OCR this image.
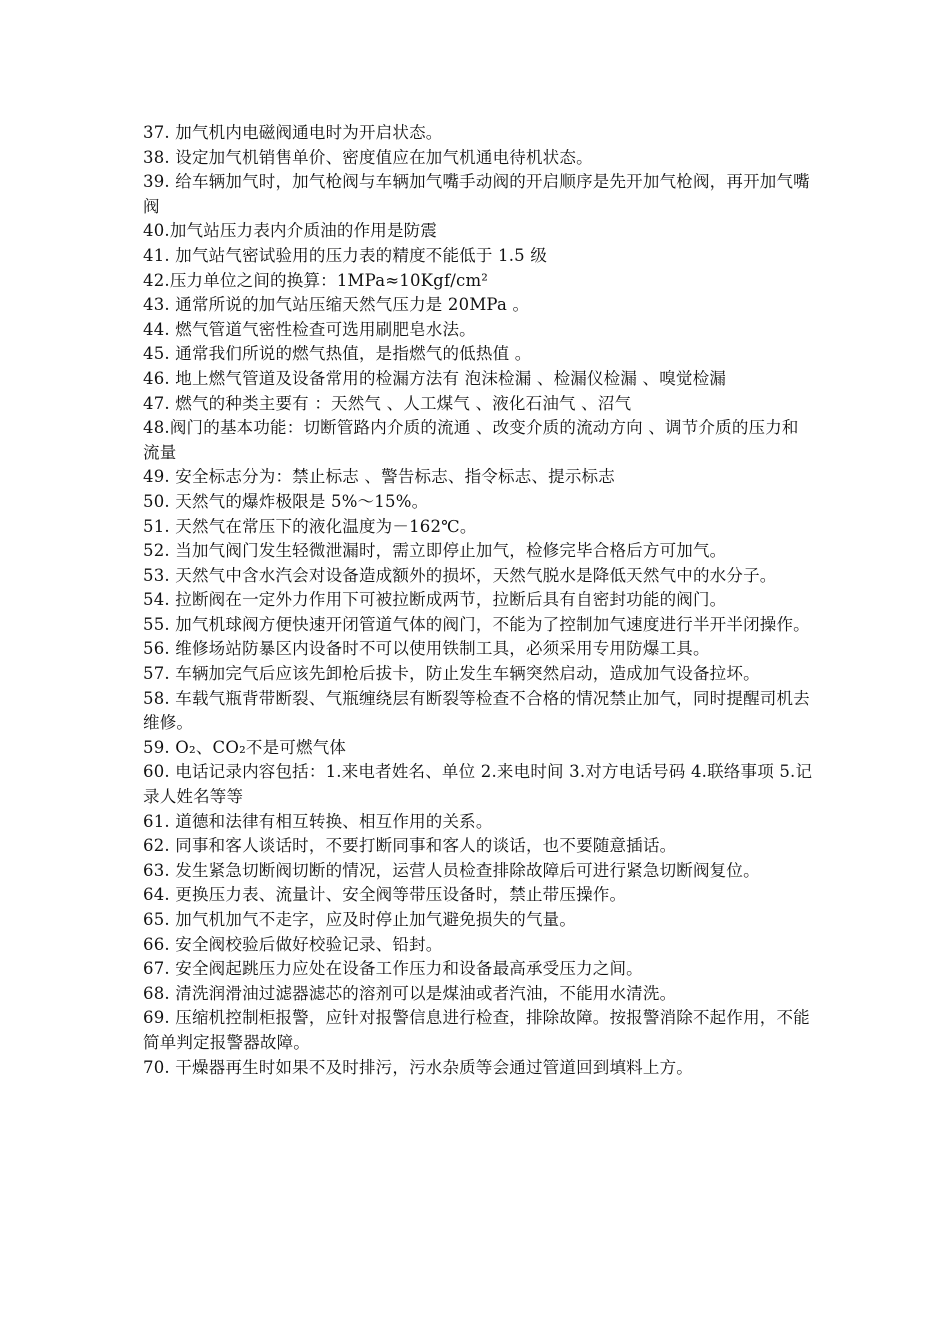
37. 加气机内电磁阀通电时为开启状态。

38. 设定加气机销售单价、密度值应在加气机通电待机状态。

39. 给车辆加气时，加气枪阀与车辆加气嘴手动阀的开启顺序是先开加气枪阀，再开加气嘴阀

40.加气站压力表内介质油的作用是防震

41. 加气站气密试验用的压力表的精度不能低于 1.5 级

42.压力单位之间的换算：1MPa≈10Kgf/cm²

43. 通常所说的加气站压缩天然气压力是 20MPa 。

44. 燃气管道气密性检查可选用刷肥皂水法。

45. 通常我们所说的燃气热值，是指燃气的低热值 。

46. 地上燃气管道及设备常用的检漏方法有 泡沫检漏 、检漏仪检漏 、嗅觉检漏

47. 燃气的种类主要有 ：天然气 、人工煤气 、液化石油气 、沼气

48.阀门的基本功能：切断管路内介质的流通 、改变介质的流动方向 、调节介质的压力和流量

49. 安全标志分为：禁止标志 、警告标志、指令标志、提示标志

50. 天然气的爆炸极限是 5%～15%。

51. 天然气在常压下的液化温度为－162℃。

52. 当加气阀门发生轻微泄漏时，需立即停止加气，检修完毕合格后方可加气。

53. 天然气中含水汽会对设备造成额外的损坏，天然气脱水是降低天然气中的水分子。

54. 拉断阀在一定外力作用下可被拉断成两节，拉断后具有自密封功能的阀门。

55. 加气机球阀方便快速开闭管道气体的阀门，不能为了控制加气速度进行半开半闭操作。

56. 维修场站防暴区内设备时不可以使用铁制工具，必须采用专用防爆工具。

57. 车辆加完气后应该先卸枪后拔卡，防止发生车辆突然启动，造成加气设备拉坏。

58. 车载气瓶背带断裂、气瓶缠绕层有断裂等检查不合格的情况禁止加气，同时提醒司机去维修。

59. O₂、CO₂不是可燃气体

60. 电话记录内容包括：1.来电者姓名、单位 2.来电时间 3.对方电话号码 4.联络事项 5.记录人姓名等等

61. 道德和法律有相互转换、相互作用的关系。

62. 同事和客人谈话时，不要打断同事和客人的谈话，也不要随意插话。

63. 发生紧急切断阀切断的情况，运营人员检查排除故障后可进行紧急切断阀复位。

64. 更换压力表、流量计、安全阀等带压设备时，禁止带压操作。

65. 加气机加气不走字，应及时停止加气避免损失的气量。

66. 安全阀校验后做好校验记录、铅封。

67. 安全阀起跳压力应处在设备工作压力和设备最高承受压力之间。

68. 清洗润滑油过滤器滤芯的溶剂可以是煤油或者汽油，不能用水清洗。

69. 压缩机控制柜报警，应针对报警信息进行检查，排除故障。按报警消除不起作用，不能简单判定报警器故障。

70. 干燥器再生时如果不及时排污，污水杂质等会通过管道回到填料上方。
